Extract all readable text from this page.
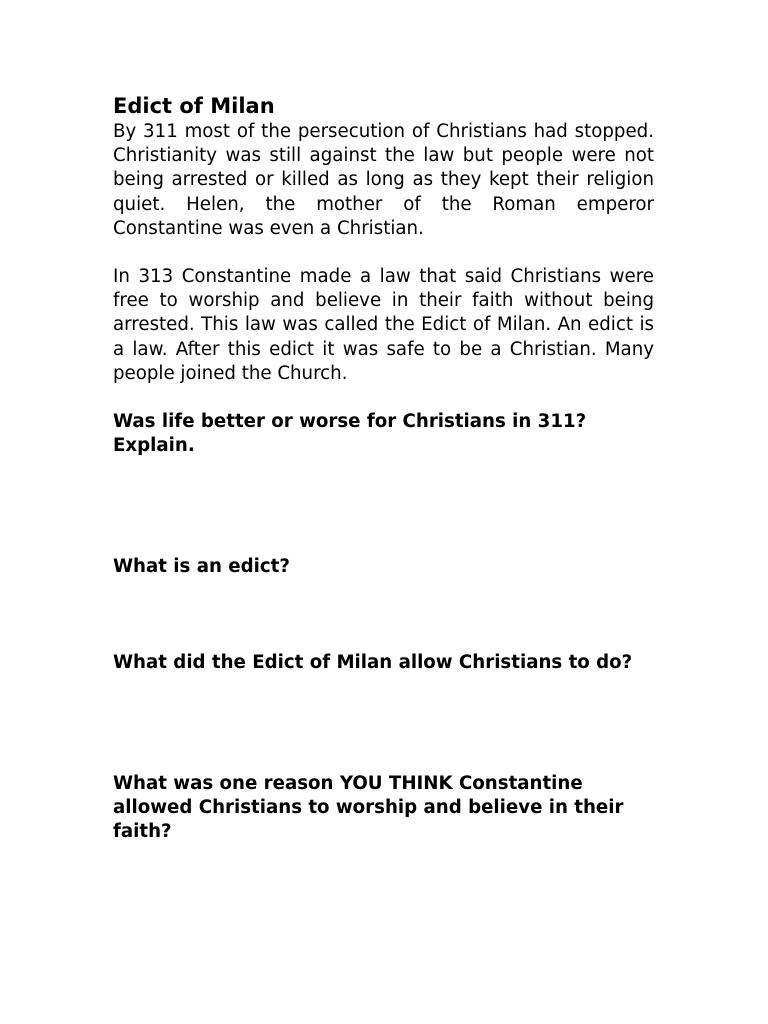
Edict of Milan

By 311 most of the persecution of Christians had stopped. Christianity was still against the law but people were not being arrested or killed as long as they kept their religion quiet. Helen, the mother of the Roman emperor Constantine was even a Christian.

In 313 Constantine made a law that said Christians were free to worship and believe in their faith without being arrested. This law was called the Edict of Milan. An edict is a law. After this edict it was safe to be a Christian. Many people joined the Church.

Was life better or worse for Christians in 311? Explain.

What is an edict?

What did the Edict of Milan allow Christians to do?

What was one reason YOU THINK Constantine allowed Christians to worship and believe in their faith?
